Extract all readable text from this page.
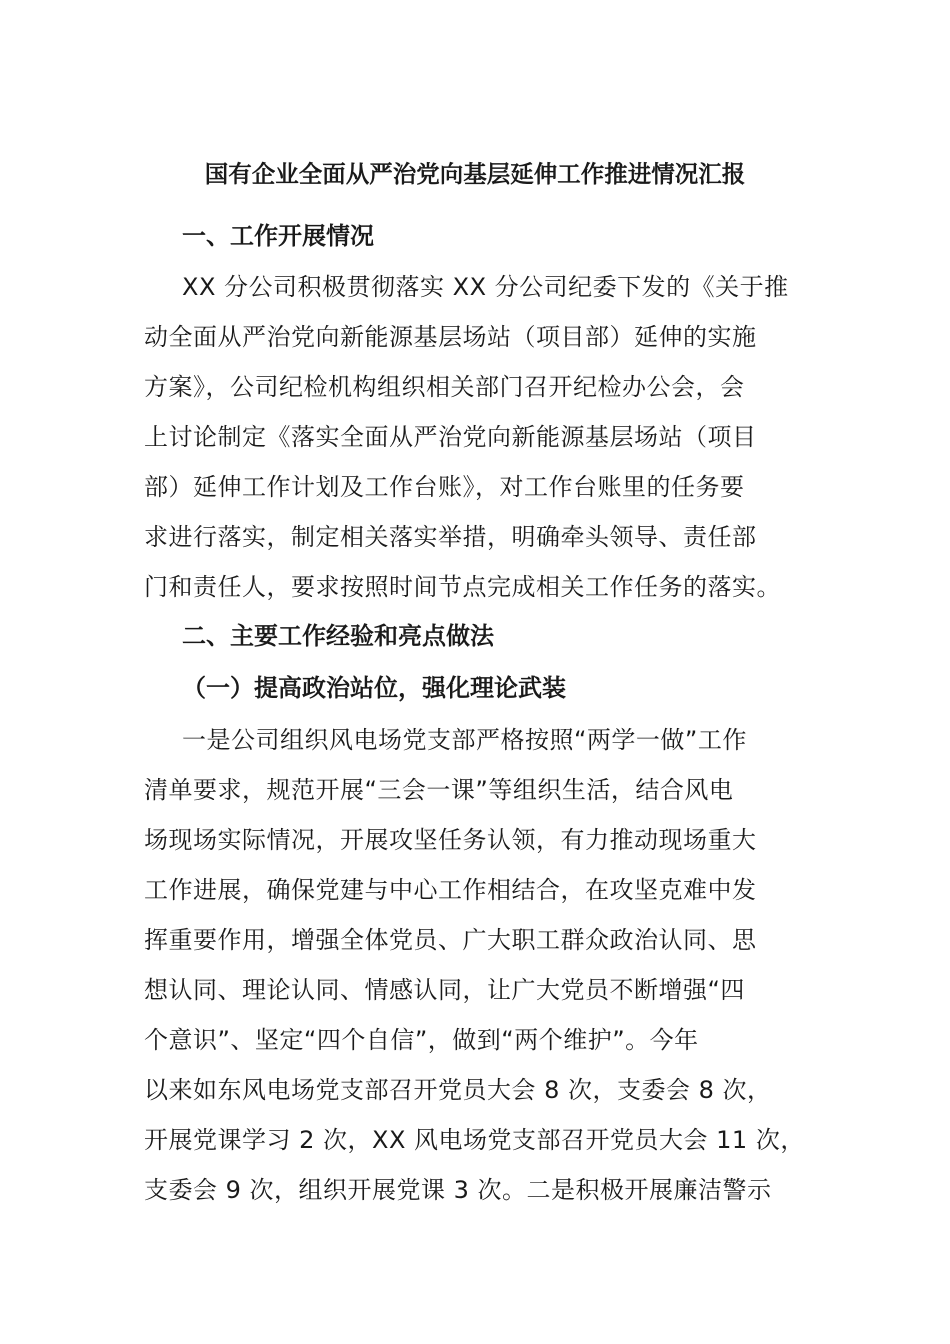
国有企业全面从严治党向基层延伸工作推进情况汇报
一、工作开展情况
XX 分公司积极贯彻落实 XX 分公司纪委下发的《关于推
动全面从严治党向新能源基层场站（项目部）延伸的实施
方案》，公司纪检机构组织相关部门召开纪检办公会，会
上讨论制定《落实全面从严治党向新能源基层场站（项目
部）延伸工作计划及工作台账》，对工作台账里的任务要
求进行落实，制定相关落实举措，明确牵头领导、责任部
门和责任人，要求按照时间节点完成相关工作任务的落实。
二、主要工作经验和亮点做法
（一）提高政治站位，强化理论武装
一是公司组织风电场党支部严格按照“两学一做”工作
清单要求，规范开展“三会一课”等组织生活，结合风电
场现场实际情况，开展攻坚任务认领，有力推动现场重大
工作进展，确保党建与中心工作相结合，在攻坚克难中发
挥重要作用，增强全体党员、广大职工群众政治认同、思
想认同、理论认同、情感认同，让广大党员不断增强“四
个意识”、坚定“四个自信”，做到“两个维护”。今年
以来如东风电场党支部召开党员大会 8 次，支委会 8 次，
开展党课学习 2 次，XX 风电场党支部召开党员大会 11 次，
支委会 9 次，组织开展党课 3 次。二是积极开展廉洁警示
